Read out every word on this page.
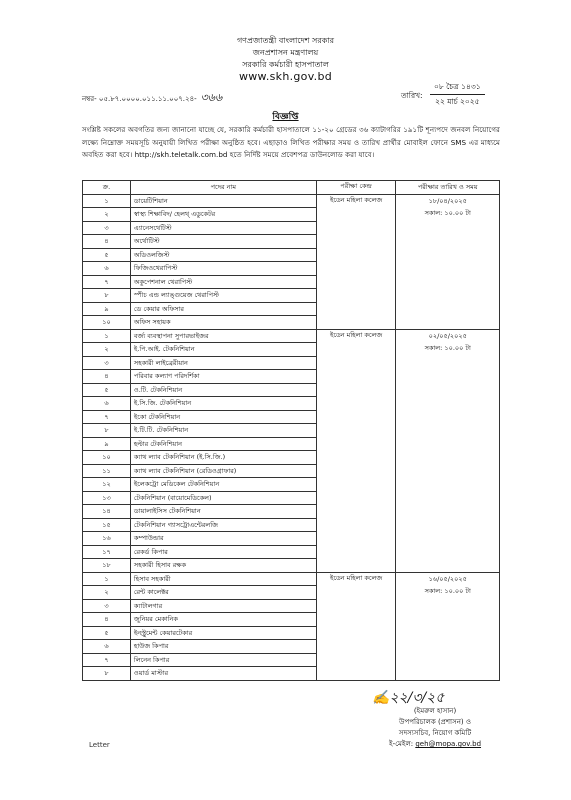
গণপ্রজাতন্ত্রী বাংলাদেশ সরকার
জনপ্রশাসন মন্ত্রণালয়
সরকারি কর্মচারী হাসপাতাল
www.skh.gov.bd
নম্বর- ০৫.৮৭.০০০০.০১১.১১.০০৭.২৪- ৩৬৬	তারিখ:
০৮ চৈত্র ১৪৩১
২২ মার্চ ২০২৫
বিজ্ঞপ্তি
সংশ্লিষ্ট সকলের অবগতির জন্য জানানো যাচ্ছে যে, সরকারি কর্মচারী হাসপাতালে ১১-২০ গ্রেডের ৩৬ ক্যাটাগরির ১৯১টি শূন্যপদে জনবল নিয়োগের লক্ষ্যে নিম্নোক্ত সময়সূচি অনুযায়ী লিখিত পরীক্ষা অনুষ্ঠিত হবে। এছাড়াও লিখিত পরীক্ষার সময় ও তারিখ প্রার্থীর মোবাইল ফোনে SMS এর মাধ্যমে অবহিত করা হবে। http://skh.teletalk.com.bd হতে নির্দিষ্ট সময়ে প্রবেশপত্র ডাউনলোড করা যাবে।
ক্র.	পদের নাম	পরীক্ষা কেন্দ্র	পরীক্ষার তারিখ ও সময়
১	ডায়েটিশিয়ান	ইডেন মহিলা কলেজ	১৮/০৪/২০২৫
সকাল: ১০.০০ টা

২	স্বাস্থ্য শিক্ষাবিদ/ হেলথ্ এডুকেটর		
৩	এ্যানেসথেটিস্ট		
৪	অর্থোটিস্ট		
৫	অডিওলজিস্ট		
৬	ফিজিওথেরাপিস্ট		
৭	অকুপেশনাল থেরাপিস্ট		
৮	স্পীচ এন্ড ল্যাঙ্গুয়েজ থেরাপিস্ট		
৯	ডে কেয়ার অফিসার		
১০	অফিস সহায়ক		
১	বর্জ্য ব্যবস্থাপনা সুপারভাইজর	ইডেন মহিলা কলেজ	০২/০৫/২০২৫
সকাল: ১০.০০ টা

২	ই.পি.আই. টেকনিশিয়ান		
৩	সহকারী লাইব্রেরীয়ান		
৪	পরিবার কল্যাণ পরিদর্শিকা		
৫	ও.টি. টেকনিশিয়ান		
৬	ই.সি.জি. টেকনিশিয়ান		
৭	ইকো টেকনিশিয়ান		
৮	ই.টি.টি. টেকনিশিয়ান		
৯	হল্টার টেকনিশিয়ান		
১০	ক্যাথ ল্যাব টেকনিশিয়ান (ই.সি.জি.)		
১১	ক্যাথ ল্যাব টেকনিশিয়ান (রেডিওগ্রাফার)		
১২	ইলেকট্রো মেডিকেল টেকনিশিয়ান		
১৩	টেকনিশিয়ান (বায়োমেডিকেল)		
১৪	ডায়ালাইসিস টেকনিশিয়ান		
১৫	টেকনিশিয়ান গ্যাসট্রোএন্টেরলজি		
১৬	কম্পাউন্ডার		
১৭	রেকর্ড কিপার		
১৮	সহকারী হিসাব রক্ষক		
১	হিসাব সহকারী	ইডেন মহিলা কলেজ	১৬/০৫/২০২৫
সকাল: ১০.০০ টা

২	রেন্ট কালেক্টর		
৩	ক্যাটালগার		
৪	জুনিয়র মেকানিক		
৫	ইনস্ট্রুমেন্ট কেয়ারটেকার		
৬	হাউজ কিপার		
৭	লিনেন কিপার		
৮	ওয়ার্ড মাস্টার		
✍২২/৩/২৫
(ইমরুল হাসান)
উপপরিচালক (প্রশাসন) ও
সদস্যসচিব, নিয়োগ কমিটি
ই-মেইল: geh@mopa.gov.bd
Letter
